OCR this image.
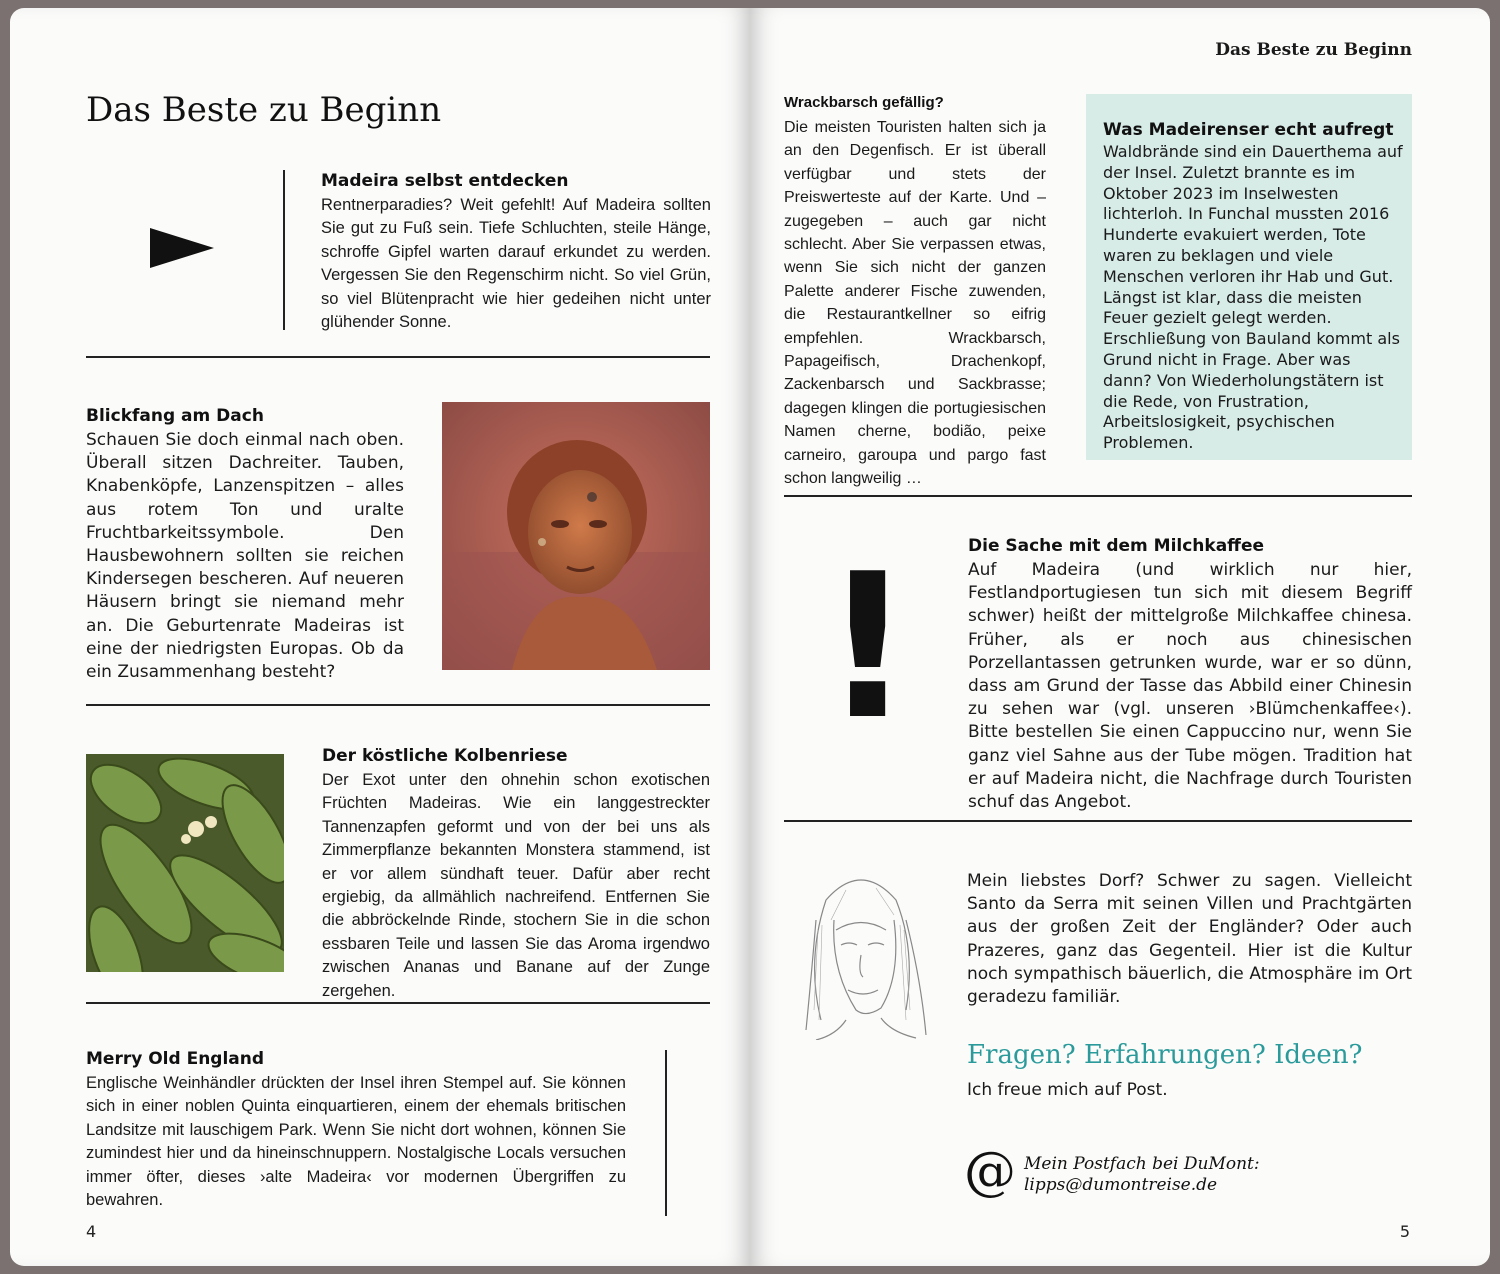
Das Beste zu Beginn
Madeira selbst entdecken
Rentnerparadies? Weit gefehlt! Auf Madeira sollten Sie gut zu Fuß sein. Tiefe Schluchten, steile Hänge, schroffe Gipfel warten darauf erkundet zu werden. Vergessen Sie den Regenschirm nicht. So viel Grün, so viel Blütenpracht wie hier gedeihen nicht unter glühender Sonne.
Blickfang am Dach
Schauen Sie doch einmal nach oben. Überall sitzen Dachreiter. Tauben, Knabenköpfe, Lanzenspitzen – alles aus rotem Ton und uralte Fruchtbarkeitssymbole. Den Hausbewohnern sollten sie reichen Kindersegen bescheren. Auf neueren Häusern bringt sie niemand mehr an. Die Geburtenrate Madeiras ist eine der niedrigsten Europas. Ob da ein Zusammenhang besteht?
Der köstliche Kolbenriese
Der Exot unter den ohnehin schon exotischen Früchten Madeiras. Wie ein langgestreckter Tannenzapfen geformt und von der bei uns als Zimmerpflanze bekannten Monstera stammend, ist er vor allem sündhaft teuer. Dafür aber recht ergiebig, da allmählich nachreifend. Entfernen Sie die abbröckelnde Rinde, stochern Sie in die schon essbaren Teile und lassen Sie das Aroma irgendwo zwischen Ananas und Banane auf der Zunge zergehen.
Merry Old England
Englische Weinhändler drückten der Insel ihren Stempel auf. Sie können sich in einer noblen Quinta einquartieren, einem der ehemals britischen Landsitze mit lauschigem Park. Wenn Sie nicht dort wohnen, können Sie zumindest hier und da hineinschnuppern. Nostalgische Locals versuchen immer öfter, dieses ›alte Madeira‹ vor modernen Übergriffen zu bewahren.
4
Das Beste zu Beginn
Wrackbarsch gefällig?
Die meisten Touristen halten sich ja an den Degenfisch. Er ist überall verfügbar und stets der Preiswerteste auf der Karte. Und – zugegeben – auch gar nicht schlecht. Aber Sie verpassen etwas, wenn Sie sich nicht der ganzen Palette anderer Fische zuwenden, die Restaurantkellner so eifrig empfehlen. Wrackbarsch, Papageifisch, Drachenkopf, Zackenbarsch und Sackbrasse; dagegen klingen die portugiesischen Namen cherne, bodião, peixe carneiro, garoupa und pargo fast schon langweilig …
Was Madeirenser echt aufregt
Waldbrände sind ein Dauerthema auf der Insel. Zuletzt brannte es im Oktober 2023 im Inselwesten lichterloh. In Funchal mussten 2016 Hunderte evakuiert werden, Tote waren zu beklagen und viele Menschen verloren ihr Hab und Gut. Längst ist klar, dass die meisten Feuer gezielt gelegt werden. Erschließung von Bauland kommt als Grund nicht in Frage. Aber was dann? Von Wiederholungstätern ist die Rede, von Frustration, Arbeitslosigkeit, psychischen Problemen.
!	Die Sache mit dem Milchkaffee
Auf Madeira (und wirklich nur hier, Festlandportugiesen tun sich mit diesem Begriff schwer) heißt der mittelgroße Milchkaffee chinesa. Früher, als er noch aus chinesischen Porzellantassen getrunken wurde, war er so dünn, dass am Grund der Tasse das Abbild einer Chinesin zu sehen war (vgl. unseren ›Blümchenkaffee‹). Bitte bestellen Sie einen Cappuccino nur, wenn Sie ganz viel Sahne aus der Tube mögen. Tradition hat er auf Madeira nicht, die Nachfrage durch Touristen schuf das Angebot.
Mein liebstes Dorf? Schwer zu sagen. Vielleicht Santo da Serra mit seinen Villen und Prachtgärten aus der großen Zeit der Engländer? Oder auch Prazeres, ganz das Gegenteil. Hier ist die Kultur noch sympathisch bäuerlich, die Atmosphäre im Ort geradezu familiär.
Fragen? Erfahrungen? Ideen?
Ich freue mich auf Post.
@ Mein Postfach bei DuMont:
lipps@dumontreise.de
5
